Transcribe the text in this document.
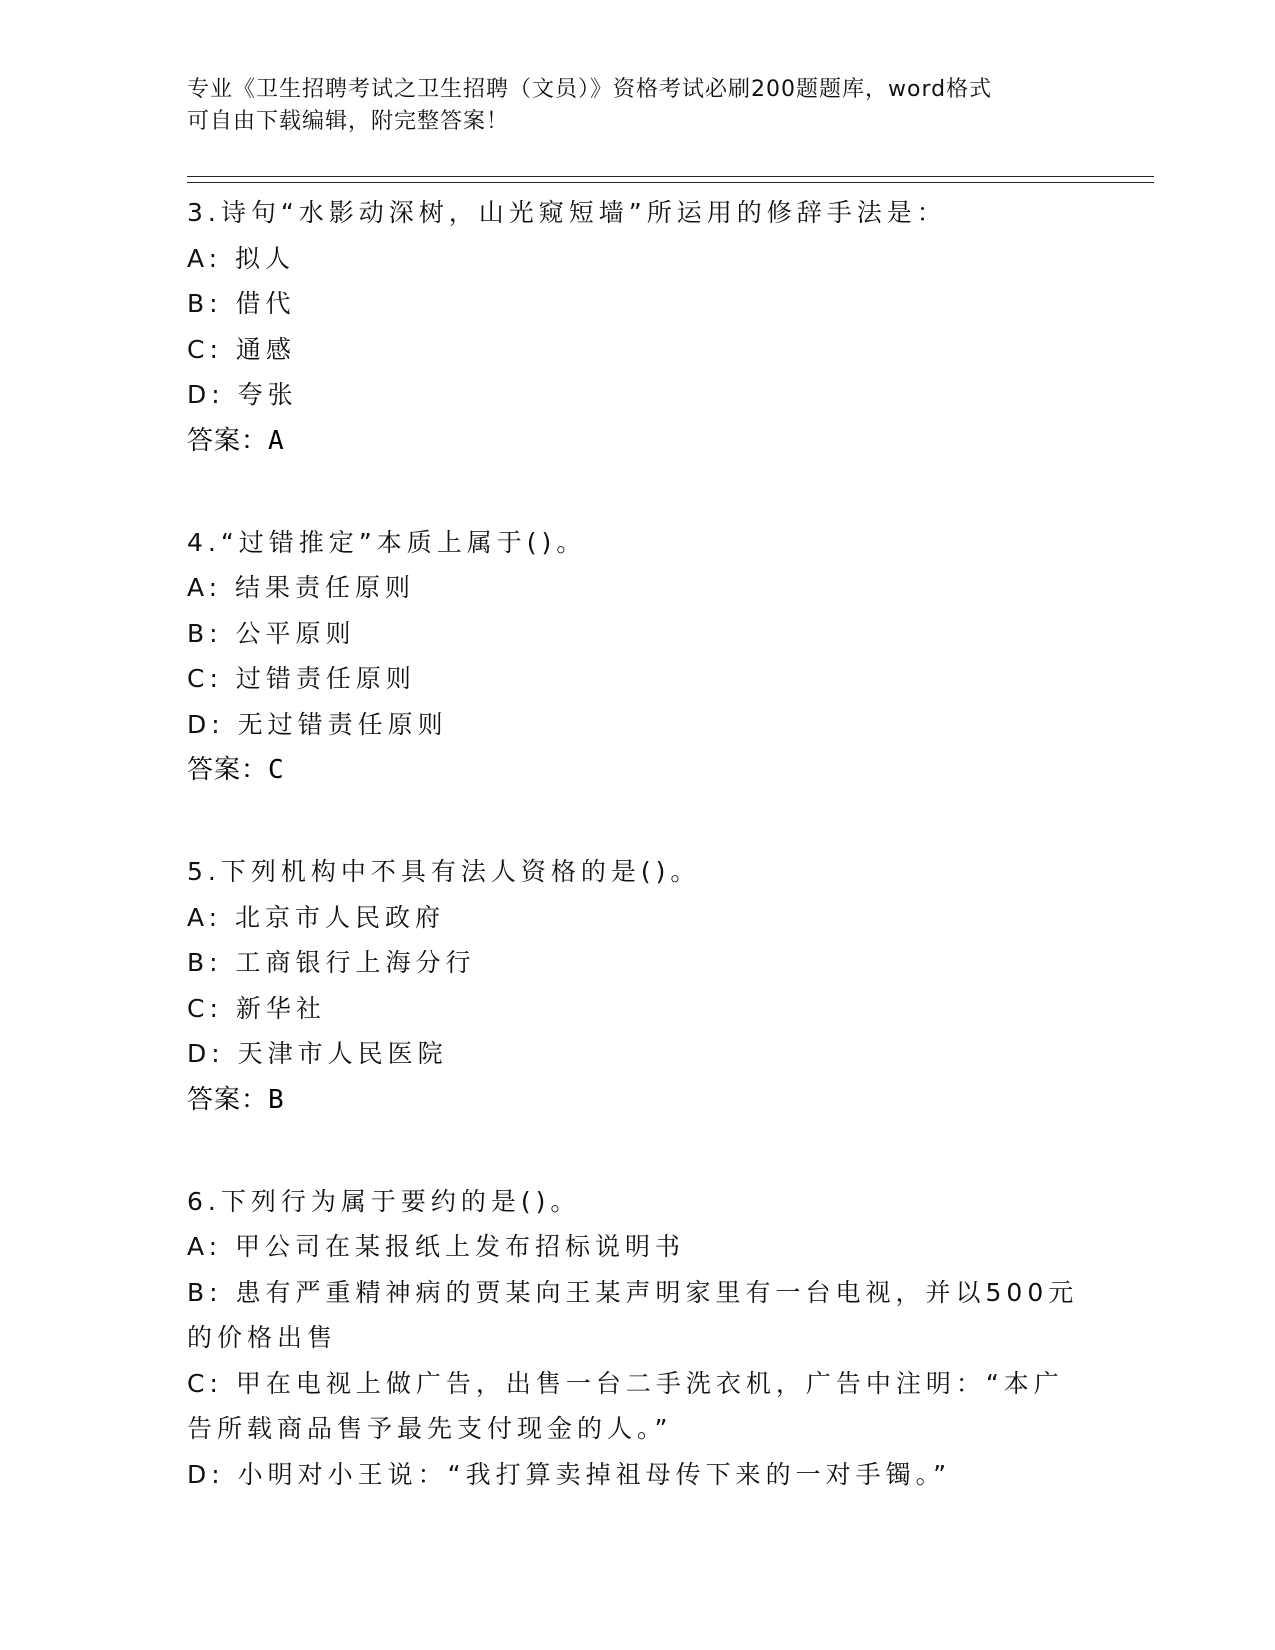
专业《卫生招聘考试之卫生招聘（文员）》资格考试必刷200题题库，word格式
可自由下载编辑，附完整答案！
3.诗句“水影动深树，山光窥短墙”所运用的修辞手法是：
A: 拟人
B: 借代
C: 通感
D: 夸张
答案：A
4.“过错推定”本质上属于()。
A: 结果责任原则
B: 公平原则
C: 过错责任原则
D: 无过错责任原则
答案：C
5.下列机构中不具有法人资格的是()。
A: 北京市人民政府
B: 工商银行上海分行
C: 新华社
D: 天津市人民医院
答案：B
6.下列行为属于要约的是()。
A: 甲公司在某报纸上发布招标说明书
B: 患有严重精神病的贾某向王某声明家里有一台电视，并以500元的价格出售
C: 甲在电视上做广告，出售一台二手洗衣机，广告中注明：“本广告所载商品售予最先支付现金的人。”
D: 小明对小王说：“我打算卖掉祖母传下来的一对手镯。”
